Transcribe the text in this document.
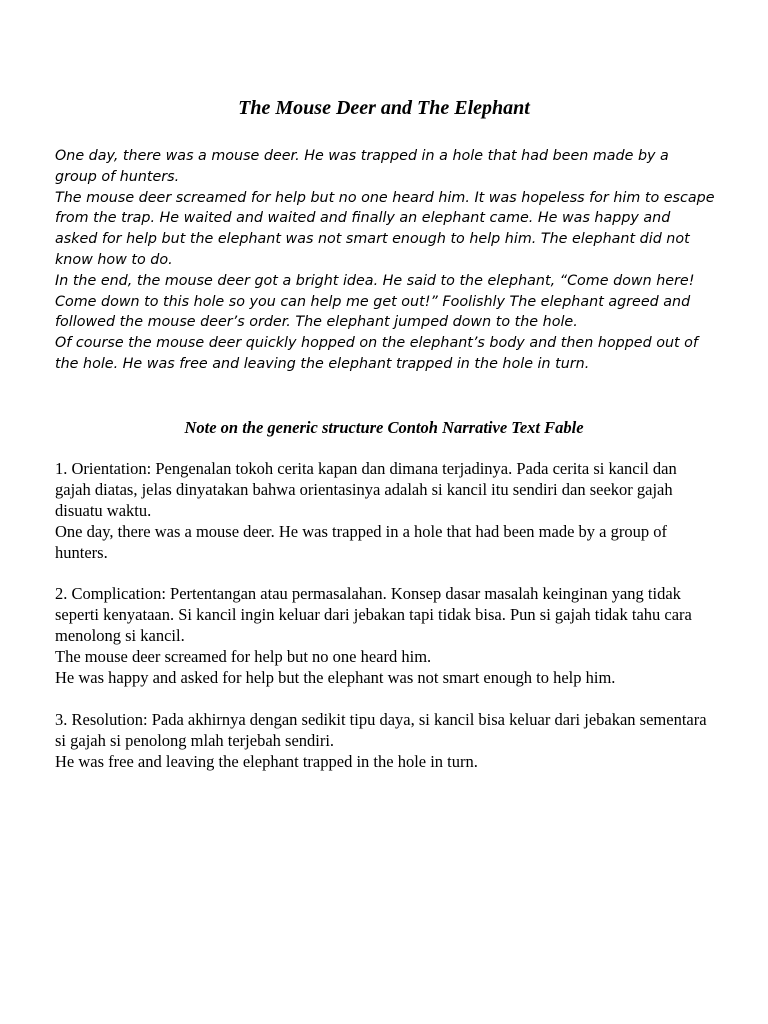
The Mouse Deer and The Elephant

One day, there was a mouse deer. He was trapped in a hole that had been made by a group of hunters.

The mouse deer screamed for help but no one heard him. It was hopeless for him to escape from the trap. He waited and waited and finally an elephant came. He was happy and asked for help but the elephant was not smart enough to help him. The elephant did not know how to do.

In the end, the mouse deer got a bright idea. He said to the elephant, “Come down here! Come down to this hole so you can help me get out!” Foolishly The elephant agreed and followed the mouse deer’s order. The elephant jumped down to the hole.

Of course the mouse deer quickly hopped on the elephant’s body and then hopped out of the hole. He was free and leaving the elephant trapped in the hole in turn.

Note on the generic structure Contoh Narrative Text Fable

1. Orientation: Pengenalan tokoh cerita kapan dan dimana terjadinya. Pada cerita si kancil dan gajah diatas, jelas dinyatakan bahwa orientasinya adalah si kancil itu sendiri dan seekor gajah disuatu waktu.

One day, there was a mouse deer. He was trapped in a hole that had been made by a group of hunters.

2. Complication: Pertentangan atau permasalahan. Konsep dasar masalah keinginan yang tidak seperti kenyataan. Si kancil ingin keluar dari jebakan tapi tidak bisa. Pun si gajah tidak tahu cara menolong si kancil.

The mouse deer screamed for help but no one heard him.

He was happy and asked for help but the elephant was not smart enough to help him.

3. Resolution: Pada akhirnya dengan sedikit tipu daya, si kancil bisa keluar dari jebakan sementara si gajah si penolong mlah terjebah sendiri.

He was free and leaving the elephant trapped in the hole in turn.
